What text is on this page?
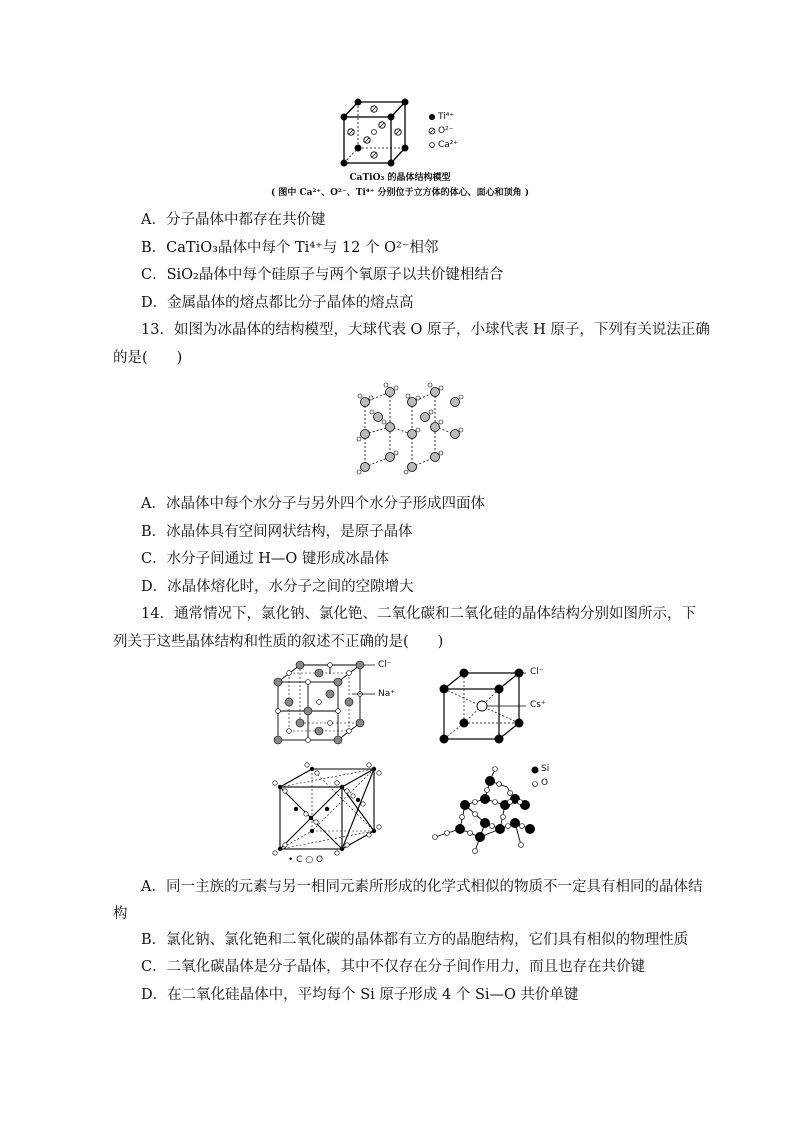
Ti⁴⁺
O²⁻
Ca²⁺
CaTiO₃ 的晶体结构模型
( 图中 Ca²⁺、O²⁻、Ti⁴⁺ 分别位于立方体的体心、面心和顶角 )
A．分子晶体中都存在共价键
B．CaTiO₃晶体中每个 Ti⁴⁺与 12 个 O²⁻相邻
C．SiO₂晶体中每个硅原子与两个氧原子以共价键相结合
D．金属晶体的熔点都比分子晶体的熔点高
13．如图为冰晶体的结构模型，大球代表 O 原子，小球代表 H 原子，下列有关说法正确
的是(　　)
A．冰晶体中每个水分子与另外四个水分子形成四面体
B．冰晶体具有空间网状结构，是原子晶体
C．水分子间通过 H—O 键形成冰晶体
D．冰晶体熔化时，水分子之间的空隙增大
14．通常情况下，氯化钠、氯化铯、二氧化碳和二氧化硅的晶体结构分别如图所示，下
列关于这些晶体结构和性质的叙述不正确的是(　　)
Cl⁻
Na⁺
Cl⁻
Cs⁺
• C ○ O
Si
O
A．同一主族的元素与另一相同元素所形成的化学式相似的物质不一定具有相同的晶体结
构
B．氯化钠、氯化铯和二氧化碳的晶体都有立方的晶胞结构，它们具有相似的物理性质
C．二氧化碳晶体是分子晶体，其中不仅存在分子间作用力，而且也存在共价键
D．在二氧化硅晶体中，平均每个 Si 原子形成 4 个 Si—O 共价单键
